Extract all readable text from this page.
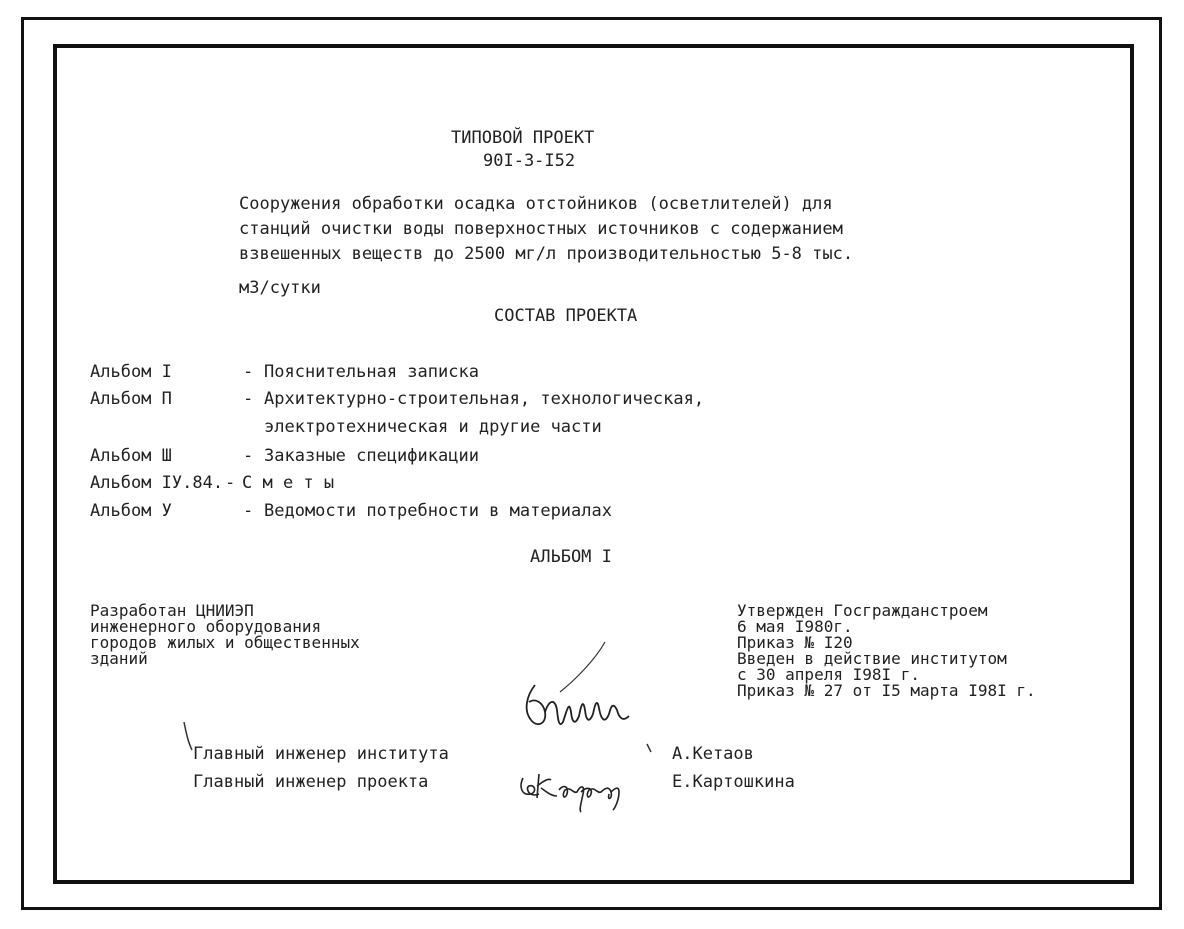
ТИПОВОЙ ПРОЕКТ
90I-3-I52
Сооружения обработки осадка отстойников (осветлителей) для
станций очистки воды поверхностных источников с содержанием
взвешенных веществ до 2500 мг/л производительностью 5-8 тыс.
м3/сутки
СОСТАВ ПРОЕКТА
Альбом I	- Пояснительная записка
Альбом П	- Архитектурно-строительная, технологическая,
электротехническая и другие части
Альбом Ш	- Заказные спецификации
Альбом IУ.84. - С м е т ы
Альбом У	- Ведомости потребности в материалах
АЛЬБОМ I
Разработан ЦНИИЭП
инженерного оборудования
городов жилых и общественных
зданий
Утвержден Госгражданстроем
6 мая I980г.
Приказ № I20
Введен в действие институтом
с 30 апреля I98I г.
Приказ № 27 от I5 марта I98I г.
Главный инженер института	А.Кетаов
Главный инженер проекта	Е.Картошкина
